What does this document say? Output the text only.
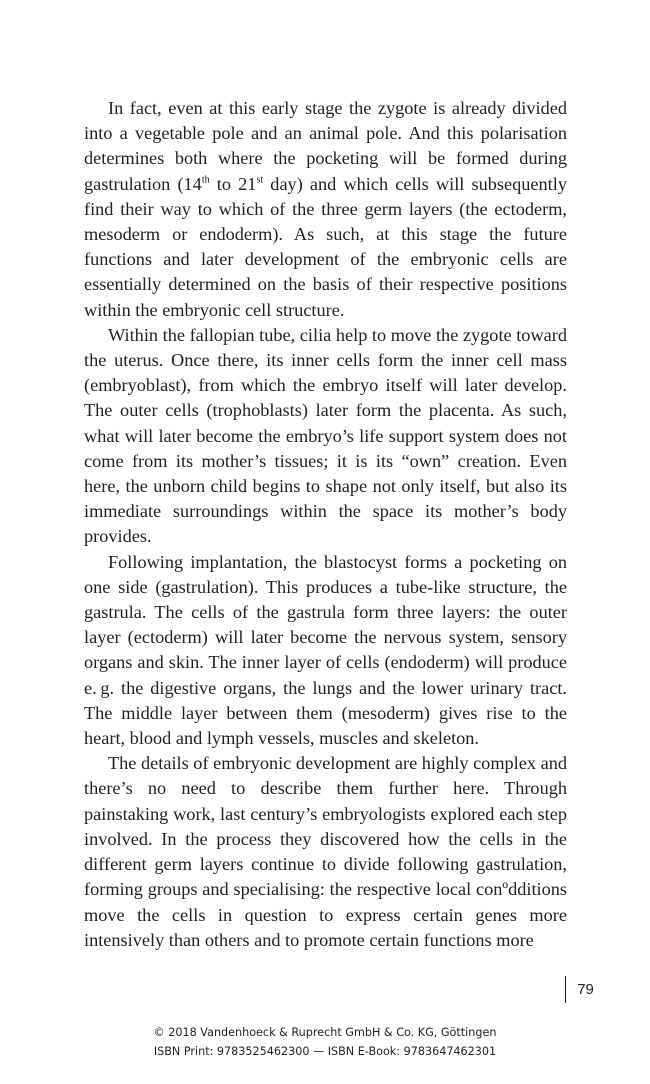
In fact, even at this early stage the zygote is already divided into a vegetable pole and an animal pole. And this polarisation determines both where the pocketing will be formed during gastrulation (14th to 21st day) and which cells will subsequently find their way to which of the three germ layers (the ectoderm, mesoderm or endoderm). As such, at this stage the future functions and later development of the embryonic cells are essentially determined on the basis of their respective positions within the embryonic cell structure.

Within the fallopian tube, cilia help to move the zygote toward the uterus. Once there, its inner cells form the inner cell mass (embryoblast), from which the embryo itself will later develop. The outer cells (trophoblasts) later form the placenta. As such, what will later become the embryo’s life support system does not come from its mother’s tissues; it is its “own” creation. Even here, the unborn child begins to shape not only itself, but also its immediate surroundings within the space its mother’s body provides.

Following implantation, the blastocyst forms a pocketing on one side (gastrulation). This produces a tube-like structure, the gastrula. The cells of the gastrula form three layers: the outer layer (ectoderm) will later become the nervous system, sensory organs and skin. The inner layer of cells (endoderm) will produce e. g. the digestive organs, the lungs and the lower urinary tract. The middle layer between them (mesoderm) gives rise to the heart, blood and lymph vessels, muscles and skeleton.

The details of embryonic development are highly complex and there’s no need to describe them further here. Through painstaking work, last century’s embryologists explored each step involved. In the process they discovered how the cells in the different germ layers continue to divide following gastrulation, forming groups and specialising: the respective local conºdditions move the cells in question to express certain genes more intensively than others and to promote certain functions more

79
© 2018 Vandenhoeck & Ruprecht GmbH & Co. KG, Göttingen
ISBN Print: 9783525462300 — ISBN E-Book: 9783647462301
